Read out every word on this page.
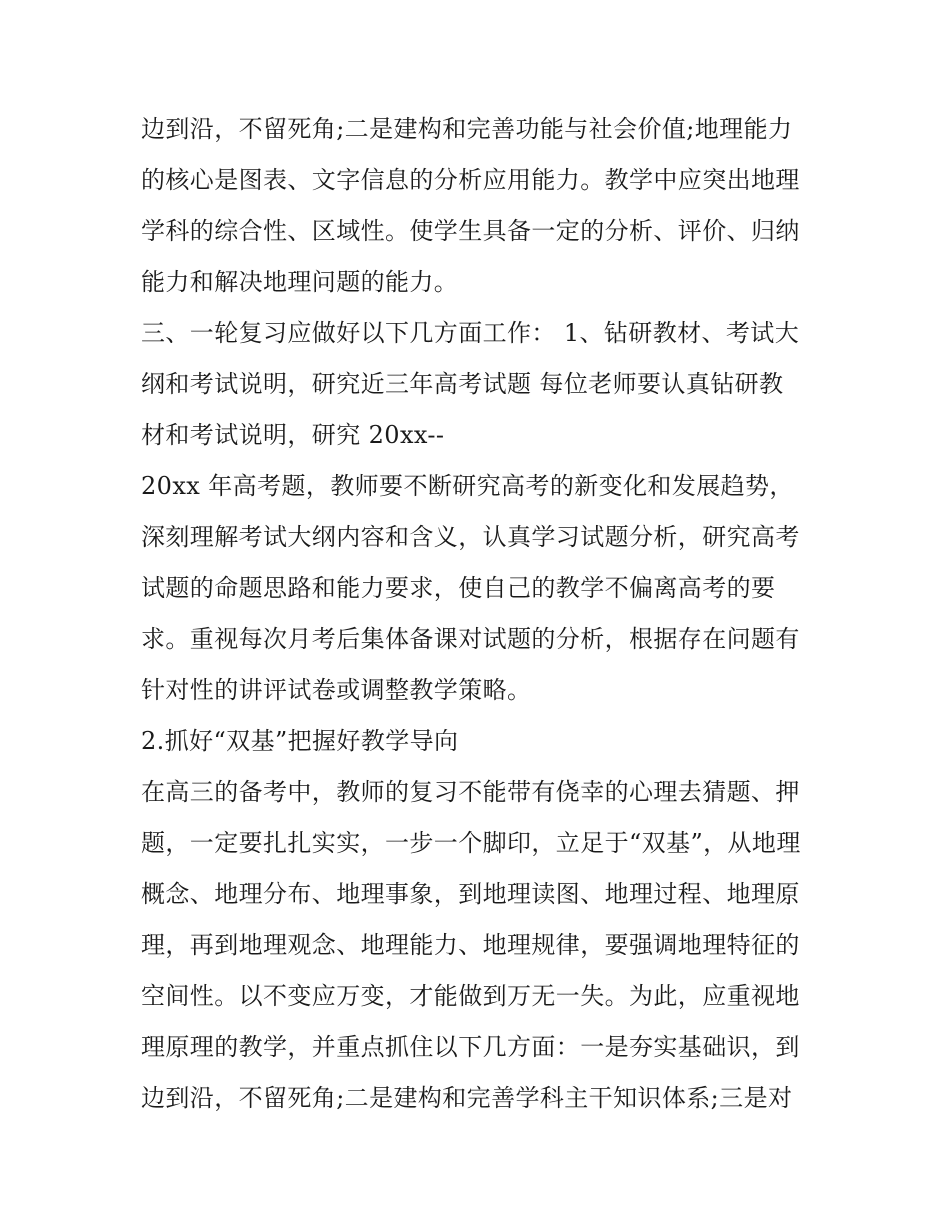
边到沿，不留死角;二是建构和完善功能与社会价值;地理能力
的核心是图表、文字信息的分析应用能力。教学中应突出地理
学科的综合性、区域性。使学生具备一定的分析、评价、归纳
能力和解决地理问题的能力。
三、一轮复习应做好以下几方面工作： 1、钻研教材、考试大
纲和考试说明，研究近三年高考试题 每位老师要认真钻研教
材和考试说明，研究 20xx--
20xx 年高考题，教师要不断研究高考的新变化和发展趋势，
深刻理解考试大纲内容和含义，认真学习试题分析，研究高考
试题的命题思路和能力要求，使自己的教学不偏离高考的要
求。重视每次月考后集体备课对试题的分析，根据存在问题有
针对性的讲评试卷或调整教学策略。
2.抓好“双基”把握好教学导向
在高三的备考中，教师的复习不能带有侥幸的心理去猜题、押
题，一定要扎扎实实，一步一个脚印，立足于“双基”，从地理
概念、地理分布、地理事象，到地理读图、地理过程、地理原
理，再到地理观念、地理能力、地理规律，要强调地理特征的
空间性。以不变应万变，才能做到万无一失。为此，应重视地
理原理的教学，并重点抓住以下几方面：一是夯实基础识，到
边到沿，不留死角;二是建构和完善学科主干知识体系;三是对
